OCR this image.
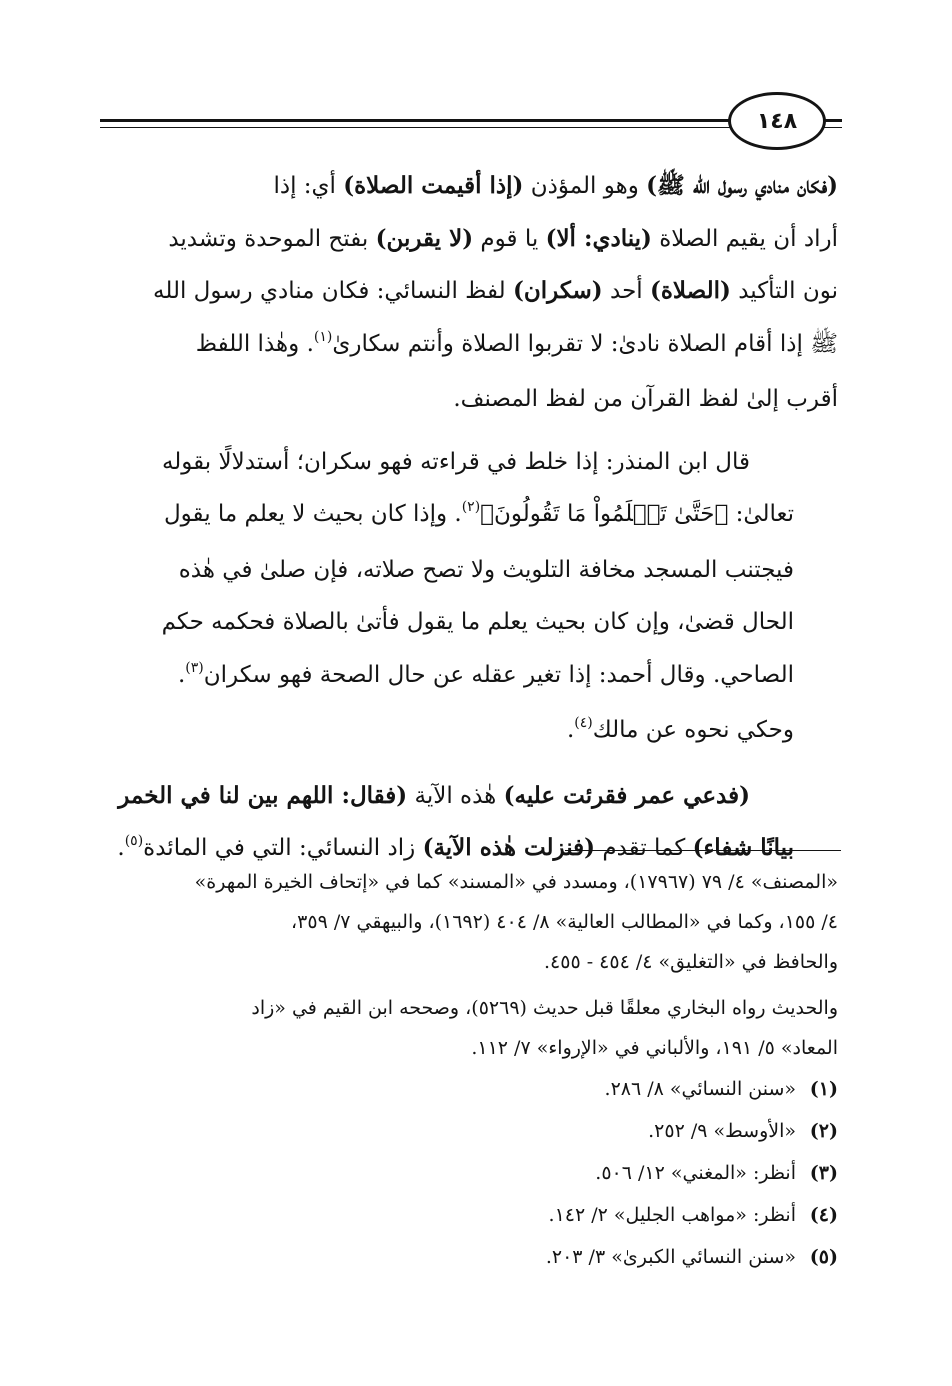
١٤٨
(فكان منادي رسول الله ﷺ) وهو المؤذن (إذا أقيمت الصلاة) أي: إذا
أراد أن يقيم الصلاة (ينادي: ألا) يا قوم (لا يقربن) بفتح الموحدة وتشديد
نون التأكيد (الصلاة) أحد (سكران) لفظ النسائي: فكان منادي رسول الله
ﷺ إذا أقام الصلاة نادىٰ: لا تقربوا الصلاة وأنتم سكارىٰ$^{(١)}$. وهٰذا اللفظ
أقرب إلىٰ لفظ القرآن من لفظ المصنف.
قال ابن المنذر: إذا خلط في قراءته فهو سكران؛ أستدلالًا بقوله
تعالىٰ: ﴿حَتَّىٰ تَعۡلَمُواْ مَا تَقُولُونَ﴾$^{(٢)}$. وإذا كان بحيث لا يعلم ما يقول
فيجتنب المسجد مخافة التلويث ولا تصح صلاته، فإن صلىٰ في هٰذه
الحال قضىٰ، وإن كان بحيث يعلم ما يقول فأتىٰ بالصلاة فحكمه حكم
الصاحي. وقال أحمد: إذا تغير عقله عن حال الصحة فهو سكران$^{(٣)}$.
وحكي نحوه عن مالك$^{(٤)}$.
(فدعي عمر فقرئت عليه) هٰذه الآية (فقال: اللهم بين لنا في الخمر
بيانًا شفاء) كما تقدم (فنزلت هٰذه الآية) زاد النسائي: التي في المائدة$^{(٥)}$.
«المصنف» ٤/ ٧٩ (١٧٩٦٧)، ومسدد في «المسند» كما في «إتحاف الخيرة المهرة»
٤/ ١٥٥، وكما في «المطالب العالية» ٨/ ٤٠٤ (١٦٩٢)، والبيهقي ٧/ ٣٥٩،
والحافظ في «التغليق» ٤/ ٤٥٤ - ٤٥٥.
والحديث رواه البخاري معلقًا قبل حديث (٥٢٦٩)، وصححه ابن القيم في «زاد
المعاد» ٥/ ١٩١، والألباني في «الإرواء» ٧/ ١١٢.
(١)«سنن النسائي» ٨/ ٢٨٦.
(٢)«الأوسط» ٩/ ٢٥٢.
(٣)أنظر: «المغني» ١٢/ ٥٠٦.
(٤)أنظر: «مواهب الجليل» ٢/ ١٤٢.
(٥)«سنن النسائي الكبرىٰ» ٣/ ٢٠٣.
